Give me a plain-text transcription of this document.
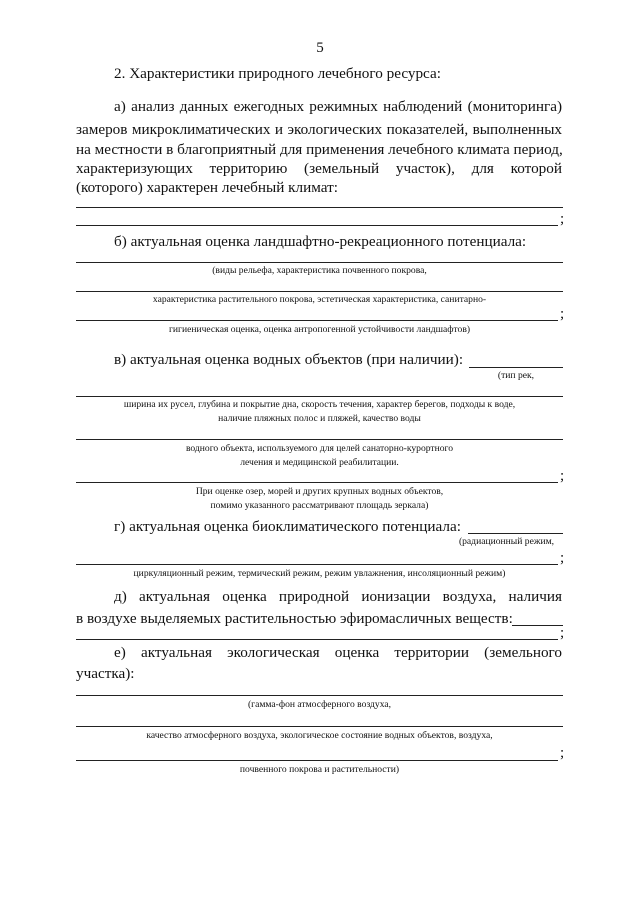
5
2. Характеристики природного лечебного ресурса:
а) анализ данных ежегодных режимных наблюдений (мониторинга)
замеров микроклиматических и экологических показателей, выполненных
на местности в благоприятный для применения лечебного климата период,
характеризующих территорию (земельный участок), для которой
(которого) характерен лечебный климат:
;
б) актуальная оценка ландшафтно-рекреационного потенциала:
(виды рельефа, характеристика почвенного покрова,
характеристика растительного покрова, эстетическая характеристика, санитарно-
;
гигиеническая оценка, оценка антропогенной устойчивости ландшафтов)
в) актуальная оценка водных объектов (при наличии):
(тип рек,
ширина их русел, глубина и покрытие дна, скорость течения, характер берегов, подходы к воде,
наличие пляжных полос и пляжей, качество воды
водного объекта, используемого для целей санаторно-курортного
лечения и медицинской реабилитации.
;
При оценке озер, морей и других крупных водных объектов,
помимо указанного рассматривают площадь зеркала)
г) актуальная оценка биоклиматического потенциала:
(радиационный режим,
;
циркуляционный режим, термический режим, режим увлажнения, инсоляционный режим)
д) актуальная оценка природной ионизации воздуха, наличия
в воздухе выделяемых растительностью эфиромасличных веществ:
;
е) актуальная экологическая оценка территории (земельного
участка):
(гамма-фон атмосферного воздуха,
качество атмосферного воздуха, экологическое состояние водных объектов, воздуха,
;
почвенного покрова и растительности)
